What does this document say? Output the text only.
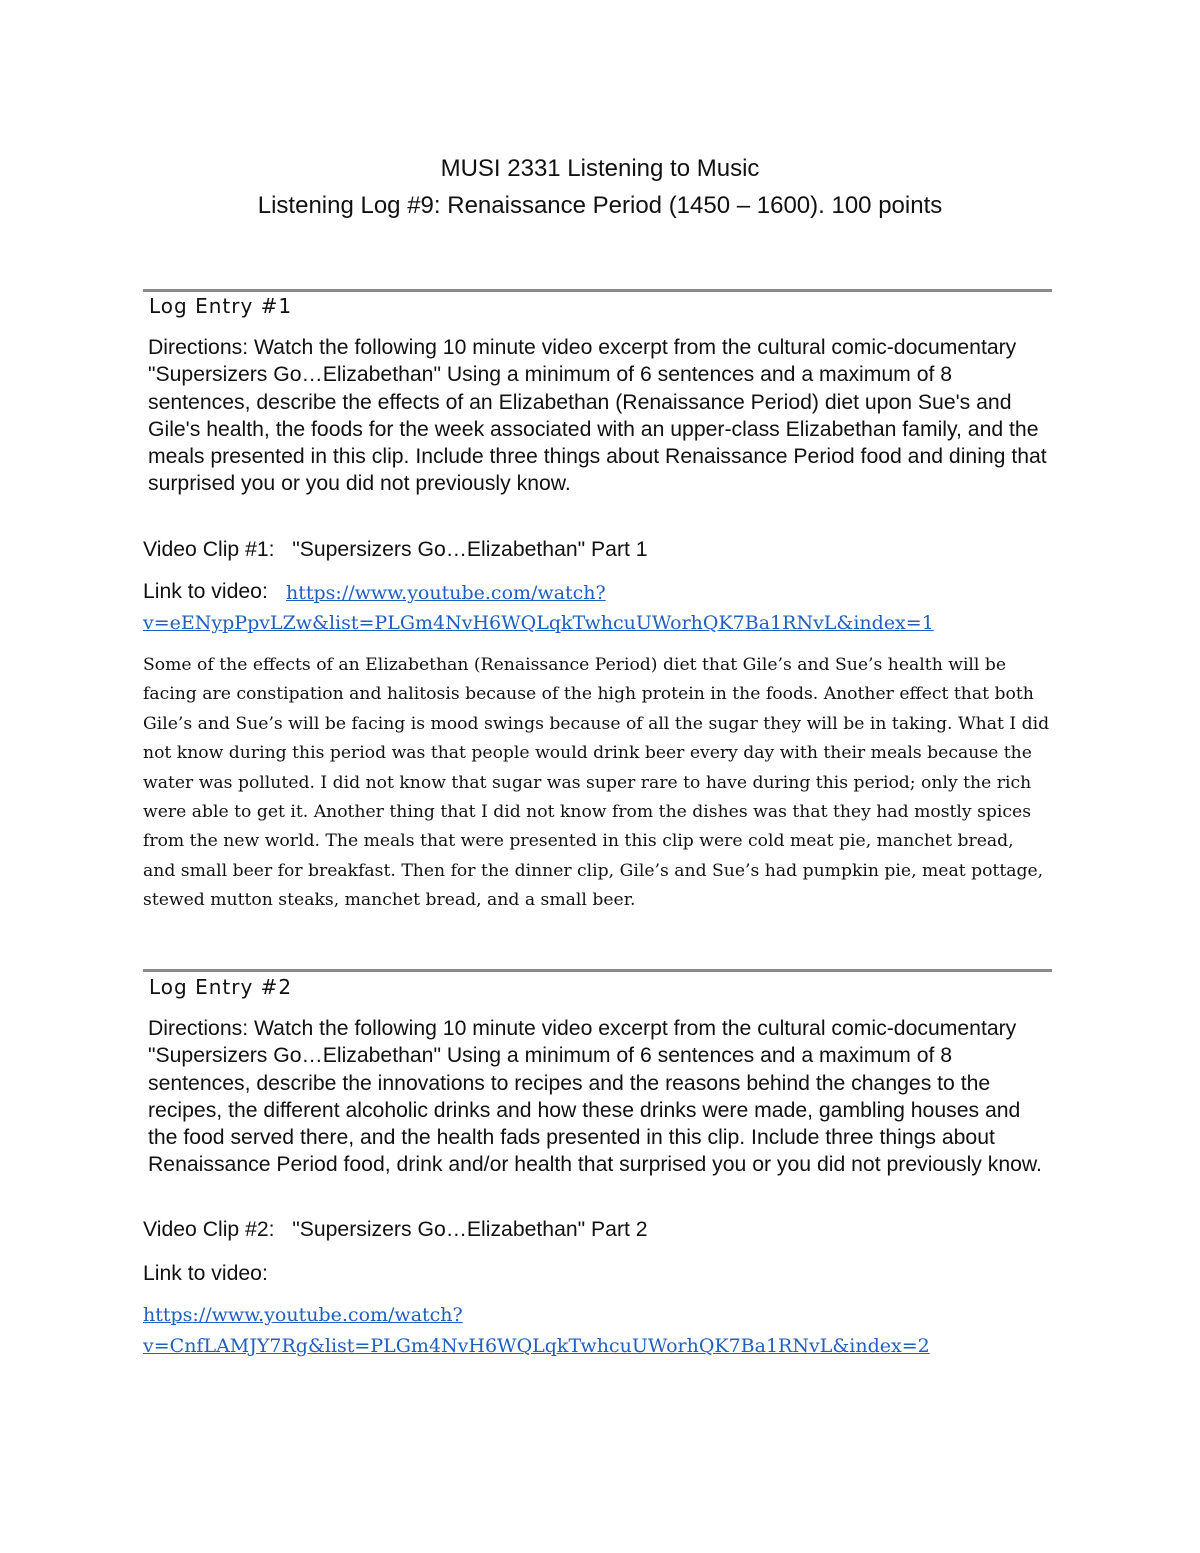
MUSI 2331 Listening to Music

Listening Log #9: Renaissance Period (1450 – 1600). 100 points

Log Entry #1

Directions: Watch the following 10 minute video excerpt from the cultural comic-documentary "Supersizers Go…Elizabethan" Using a minimum of 6 sentences and a maximum of 8 sentences, describe the effects of an Elizabethan (Renaissance Period) diet upon Sue's and Gile's health, the foods for the week associated with an upper-class Elizabethan family, and the meals presented in this clip. Include three things about Renaissance Period food and dining that surprised you or you did not previously know.

Video Clip #1:   "Supersizers Go…Elizabethan" Part 1

Link to video: https://www.youtube.com/watch?

v=eENypPpvLZw&list=PLGm4NvH6WQLqkTwhcuUWorhQK7Ba1RNvL&index=1

Some of the effects of an Elizabethan (Renaissance Period) diet that Gile’s and Sue’s health will be facing are constipation and halitosis because of the high protein in the foods. Another effect that both Gile’s and Sue’s will be facing is mood swings because of all the sugar they will be in taking. What I did not know during this period was that people would drink beer every day with their meals because the water was polluted. I did not know that sugar was super rare to have during this period; only the rich were able to get it. Another thing that I did not know from the dishes was that they had mostly spices from the new world. The meals that were presented in this clip were cold meat pie, manchet bread, and small beer for breakfast. Then for the dinner clip, Gile’s and Sue’s had pumpkin pie, meat pottage, stewed mutton steaks, manchet bread, and a small beer.

Log Entry #2

Directions: Watch the following 10 minute video excerpt from the cultural comic-documentary "Supersizers Go…Elizabethan" Using a minimum of 6 sentences and a maximum of 8 sentences, describe the innovations to recipes and the reasons behind the changes to the recipes, the different alcoholic drinks and how these drinks were made, gambling houses and the food served there, and the health fads presented in this clip. Include three things about Renaissance Period food, drink and/or health that surprised you or you did not previously know.

Video Clip #2:   "Supersizers Go…Elizabethan" Part 2

Link to video:

https://www.youtube.com/watch?

v=CnfLAMJY7Rg&list=PLGm4NvH6WQLqkTwhcuUWorhQK7Ba1RNvL&index=2
